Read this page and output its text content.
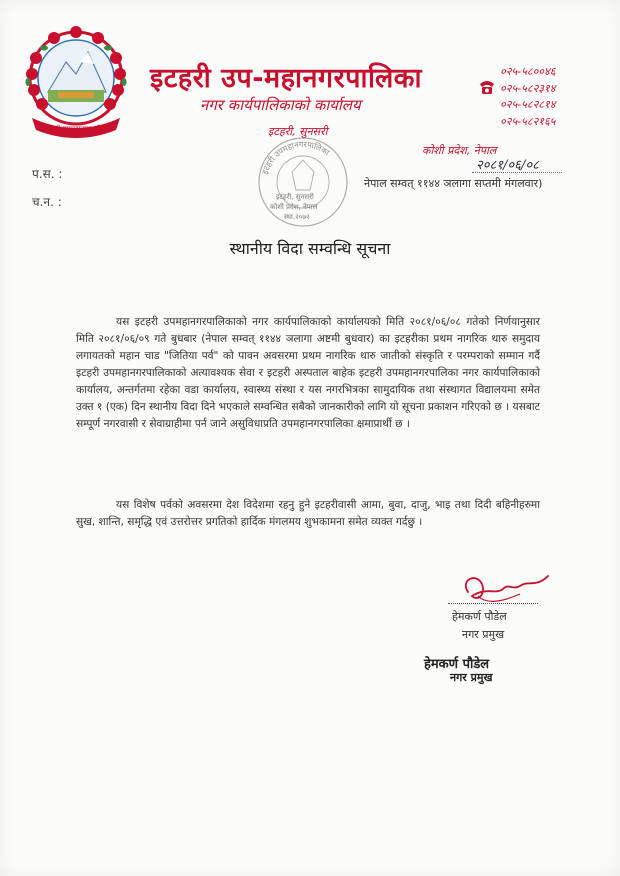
इटहरी उपमहानगरपालिका
इटहरी उप-महानगरपालिका
नगर कार्यपालिकाको कार्यालय
इटहरी, सुनसरी
०२५-५८००४६
०२५-५८२३१४
०२५-५८२८१४
०२५-५८२१६५
इटहरी उपमहानगरपालिका
इटहरी, सुनसरी
कोशी प्रदेश, नेपाल
स्था.२०७२
प.स. :
च.न. :
कोशी प्रदेश, नेपाल
२०८१/०६/०८
नेपाल सम्वत् ११४४ ञलागा सप्तमी मंगलवार)
स्थानीय विदा सम्वन्धि सूचना

यस इटहरी उपमहानगरपालिकाको नगर कार्यपालिकाको कार्यालयको मिति २०८१/०६/०८ गतेको निर्णयानुसार मिति २०८१/०६/०९ गते बुधबार (नेपाल सम्वत् ११४४ ञलागा अष्टमी बुधवार) का इटहरीका प्रथम नागरिक थारु समुदाय लगायतको महान चाड "जितिया पर्व" को पावन अवसरमा प्रथम नागरिक थारु जातीको संस्कृति र परम्पराको सम्मान गर्दै इटहरी उपमहानगरपालिकाको अत्यावश्यक सेवा र इटहरी अस्पताल बाहेक इटहरी उपमहानगरपालिका नगर कार्यपालिकाको कार्यालय, अन्तर्गतमा रहेका वडा कार्यालय, स्वास्थ्य संस्था र यस नगरभित्रका सामुदायिक तथा संस्थागत विद्यालयमा समेत उक्त १ (एक) दिन स्थानीय विदा दिने भएकाले सम्वन्धित सबैको जानकारीको लागि यो सूचना प्रकाशन गरिएको छ । यसबाट सम्पूर्ण नगरवासी र सेवाग्राहीमा पर्न जाने असुविधाप्रति उपमहानगरपालिका क्षमाप्रार्थी छ ।

यस विशेष पर्वको अवसरमा देश विदेशमा रहनु हुने इटहरीवासी आमा, बुवा, दाजु, भाइ तथा दिदी बहिनीहरुमा सुख, शान्ति, समृद्धि एवं उत्तरोत्तर प्रगतिको हार्दिक मंगलमय शुभकामना समेत व्यक्त गर्दछु ।

हेमकर्ण पौडेल
नगर प्रमुख
हेमकर्ण पौडेल
नगर प्रमुख
